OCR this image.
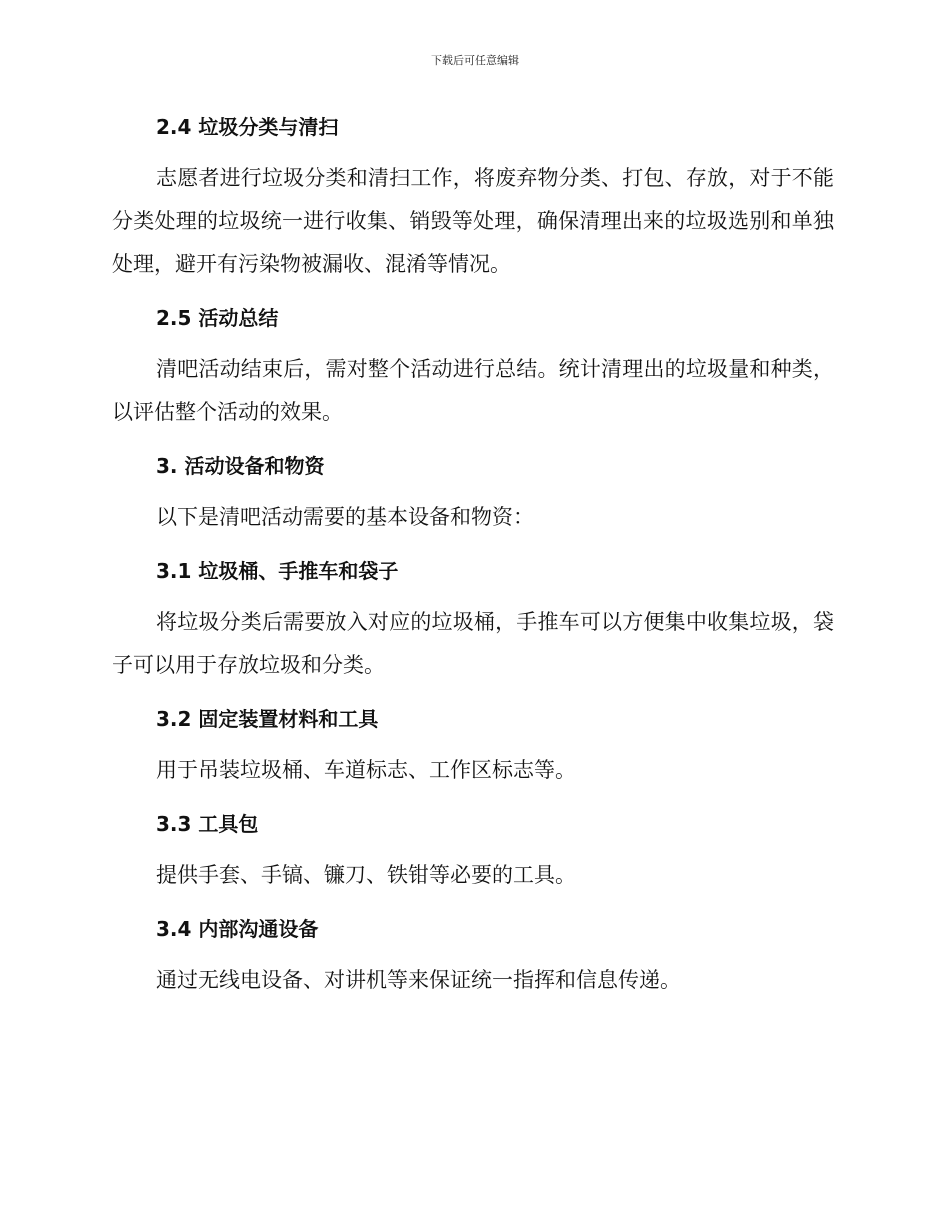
下载后可任意编辑
2.4 垃圾分类与清扫

志愿者进行垃圾分类和清扫工作，将废弃物分类、打包、存放，对于不能分类处理的垃圾统一进行收集、销毁等处理，确保清理出来的垃圾选别和单独处理，避开有污染物被漏收、混淆等情况。

2.5 活动总结

清吧活动结束后，需对整个活动进行总结。统计清理出的垃圾量和种类，以评估整个活动的效果。

3. 活动设备和物资

以下是清吧活动需要的基本设备和物资：

3.1 垃圾桶、手推车和袋子

将垃圾分类后需要放入对应的垃圾桶，手推车可以方便集中收集垃圾，袋子可以用于存放垃圾和分类。

3.2 固定装置材料和工具

用于吊装垃圾桶、车道标志、工作区标志等。

3.3 工具包

提供手套、手镐、镰刀、铁钳等必要的工具。

3.4 内部沟通设备

通过无线电设备、对讲机等来保证统一指挥和信息传递。
